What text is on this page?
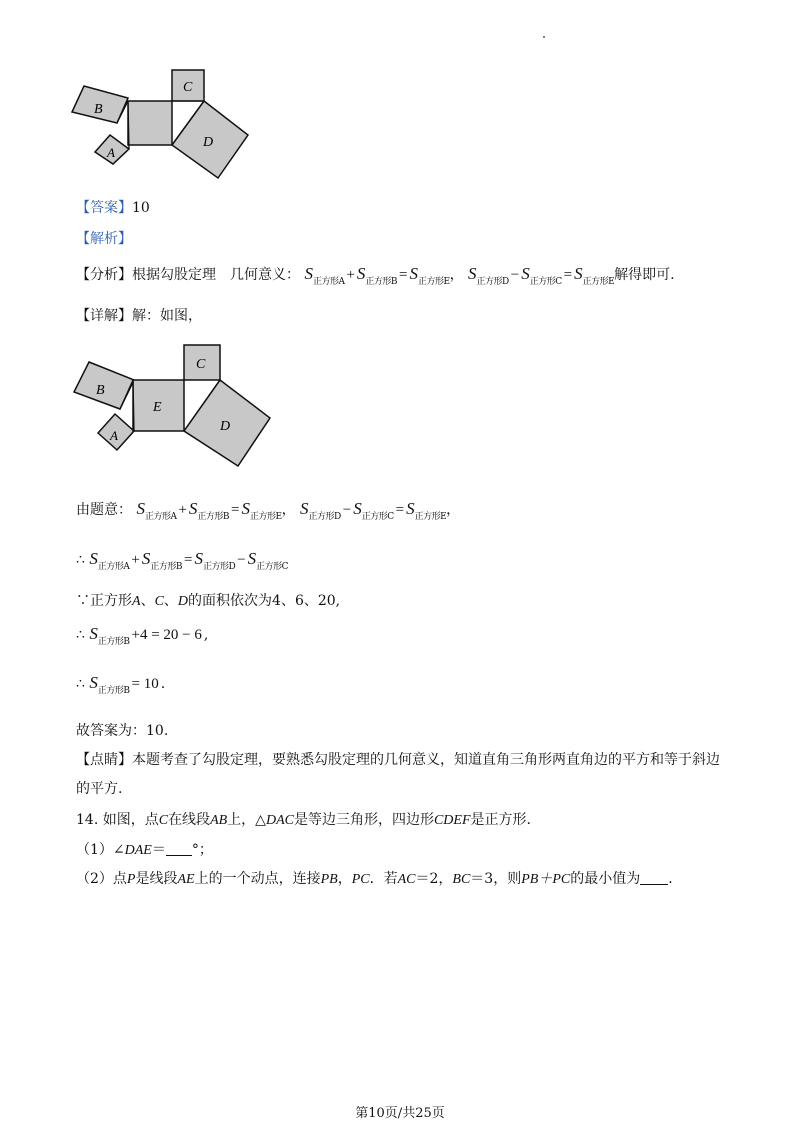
B
A
C
D
【答案】10
【解析】
【分析】根据勾股定理　几何意义： $S_{正方形A} + S_{正方形B} = S_{正方形E}$， $S_{正方形D} - S_{正方形C} = S_{正方形E}$解得即可.
【详解】解：如图，
B
A
C
E
D
由题意： $S_{正方形A} + S_{正方形B} = S_{正方形E}$， $S_{正方形D} - S_{正方形C} = S_{正方形E}$，
∴ $S_{正方形A} + S_{正方形B} = S_{正方形D} - S_{正方形C}$
∵正方形A、C、D的面积依次为4、6、20,
∴ $S_{正方形B} +4 = 20 - 6$ ,
∴ $S_{正方形B} = 10$ .
故答案为：10.
【点睛】本题考查了勾股定理，要熟悉勾股定理的几何意义，知道直角三角形两直角边的平方和等于斜边
的平方.
14. 如图，点C在线段AB上，△DAC是等边三角形，四边形CDEF是正方形.
（1）∠DAE＝ °；
（2）点P是线段AE上的一个动点，连接PB，PC．若AC＝2，BC＝3，则PB＋PC的最小值为 .
第10页/共25页
